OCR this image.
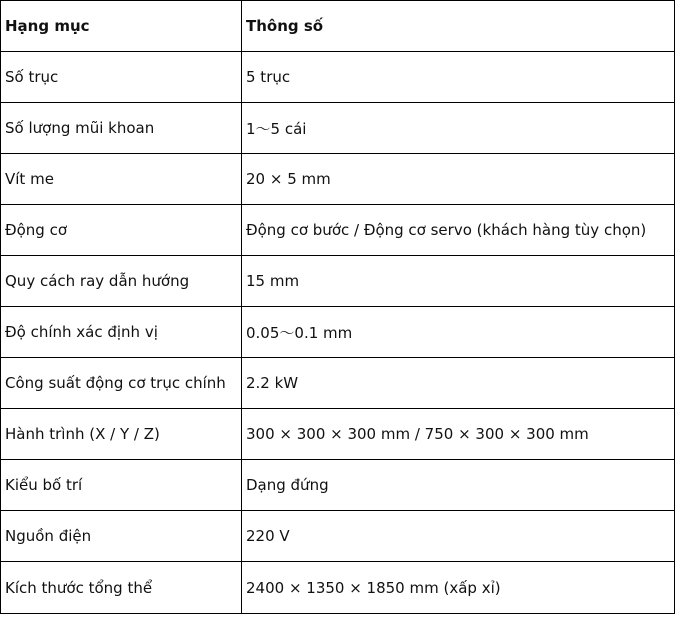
Hạng mục	Thông số
Số trục	5 trục
Số lượng mũi khoan	1～5 cái
Vít me	20 × 5 mm
Động cơ	Động cơ bước / Động cơ servo (khách hàng tùy chọn)
Quy cách ray dẫn hướng	15 mm
Độ chính xác định vị	0.05～0.1 mm
Công suất động cơ trục chính	2.2 kW
Hành trình (X / Y / Z)	300 × 300 × 300 mm / 750 × 300 × 300 mm
Kiểu bố trí	Dạng đứng
Nguồn điện	220 V
Kích thước tổng thể	2400 × 1350 × 1850 mm (xấp xỉ)
